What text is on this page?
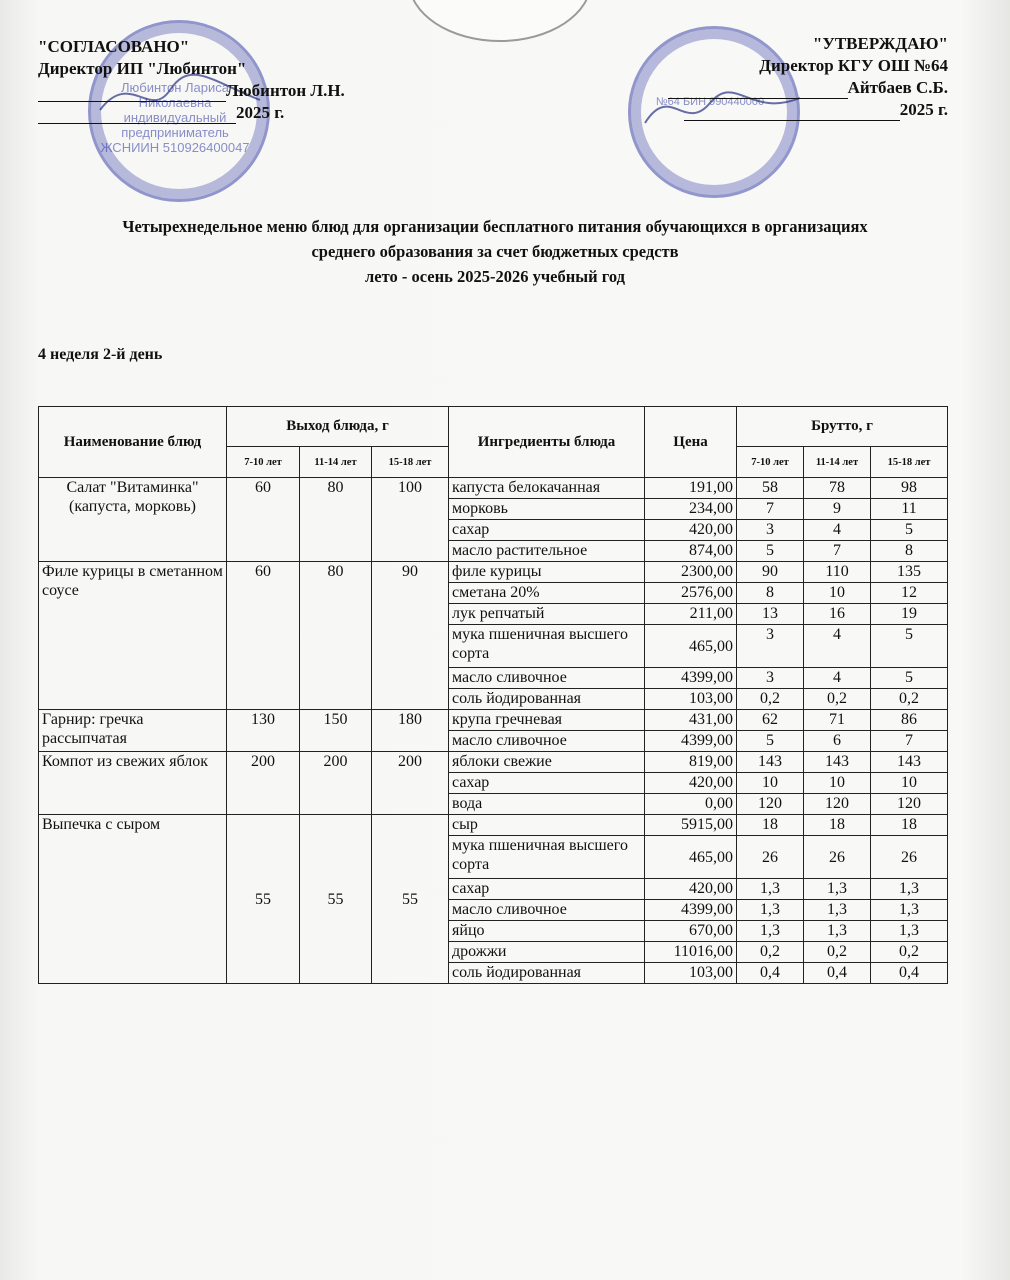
Любинтон Лариса Николаевна индивидуальный предприниматель ЖСНИИН 510926400047
№64 БИН 990440000
"СОГЛАСОВАНО"
Директор ИП "Любинтон"
Любинтон Л.Н.
2025 г.
"УТВЕРЖДАЮ"
Директор КГУ ОШ №64
Айтбаев С.Б.
2025 г.
Четырехнедельное меню блюд для организации бесплатного питания обучающихся в организациях
среднего образования за счет бюджетных средств
лето - осень 2025-2026 учебный год
4 неделя 2-й день
Наименование блюд	Выход блюда, г			Ингредиенты блюда	Цена	Брутто, г		
	7-10 лет	11-14 лет	15-18 лет			7-10 лет	11-14 лет	15-18 лет
Салат "Витаминка" (капуста, морковь)	60	80	100	капуста белокачанная	191,00	58	78	98
				морковь	234,00	7	9	11
				сахар	420,00	3	4	5
				масло растительное	874,00	5	7	8
Филе курицы в сметанном соусе	60	80	90	филе курицы	2300,00	90	110	135
				сметана 20%	2576,00	8	10	12
				лук репчатый	211,00	13	16	19
				мука пшеничная высшего сорта	465,00	3	4	5
				масло сливочное	4399,00	3	4	5
				соль йодированная	103,00	0,2	0,2	0,2
Гарнир: гречка рассыпчатая	130	150	180	крупа гречневая	431,00	62	71	86
				масло сливочное	4399,00	5	6	7
Компот из свежих яблок	200	200	200	яблоки свежие	819,00	143	143	143
				сахар	420,00	10	10	10
				вода	0,00	120	120	120
Выпечка с сыром	55	55	55	сыр	5915,00	18	18	18
				мука пшеничная высшего сорта	465,00	26	26	26
				сахар	420,00	1,3	1,3	1,3
				масло сливочное	4399,00	1,3	1,3	1,3
				яйцо	670,00	1,3	1,3	1,3
				дрожжи	11016,00	0,2	0,2	0,2
				соль йодированная	103,00	0,4	0,4	0,4
